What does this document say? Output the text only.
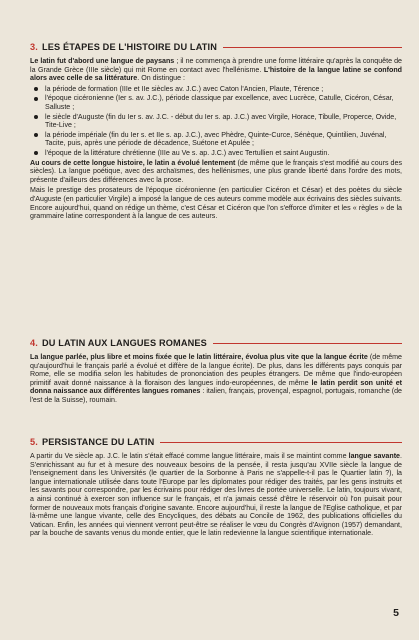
3. LES ÉTAPES DE L'HISTOIRE DU LATIN

Le latin fut d'abord une langue de paysans ; il ne commença à prendre une forme littéraire qu'après la conquête de la Grande Grèce (IIIe siècle) qui mit Rome en contact avec l'hellénisme. L'histoire de la langue latine se confond alors avec celle de sa littérature. On distingue :

la période de formation (IIIe et IIe siècles av. J.C.) avec Caton l'Ancien, Plaute, Térence ;
l'époque cicéronienne (Ier s. av. J.C.), période classique par excellence, avec Lucrèce, Catulle, Cicéron, César, Salluste ;
le siècle d'Auguste (fin du Ier s. av. J.C. - début du Ier s. ap. J.C.) avec Virgile, Horace, Tibulle, Properce, Ovide, Tite-Live ;
la période impériale (fin du Ier s. et IIe s. ap. J.C.), avec Phèdre, Quinte-Curce, Sénèque, Quintilien, Juvénal, Tacite, puis, après une période de décadence, Suétone et Apulée ;
l'époque de la littérature chrétienne (IIIe au Ve s. ap. J.C.) avec Tertullien et saint Augustin.

Au cours de cette longue histoire, le latin a évolué lentement (de même que le français s'est modifié au cours des siècles). La langue poétique, avec des archaïsmes, des hellénismes, une plus grande liberté dans l'ordre des mots, présente d'ailleurs des différences avec la prose.

Mais le prestige des prosateurs de l'époque cicéronienne (en particulier Cicéron et César) et des poètes du siècle d'Auguste (en particulier Virgile) a imposé la langue de ces auteurs comme modèle aux écrivains des siècles suivants. Encore aujourd'hui, quand on rédige un thème, c'est César et Cicéron que l'on s'efforce d'imiter et les « règles » de la grammaire latine correspondent à la langue de ces auteurs.

4. DU LATIN AUX LANGUES ROMANES

La langue parlée, plus libre et moins fixée que le latin littéraire, évolua plus vite que la langue écrite (de même qu'aujourd'hui le français parlé a évolué et diffère de la langue écrite). De plus, dans les différents pays conquis par Rome, elle se modifia selon les habitudes de prononciation des peuples étrangers. De même que l'indo-européen primitif avait donné naissance à la floraison des langues indo-européennes, de même le latin perdit son unité et donna naissance aux différentes langues romanes : italien, français, provençal, espagnol, portugais, romanche (de l'est de la Suisse), roumain.

5. PERSISTANCE DU LATIN

A partir du Ve siècle ap. J.C. le latin s'était effacé comme langue littéraire, mais il se maintint comme langue savante. S'enrichissant au fur et à mesure des nouveaux besoins de la pensée, il resta jusqu'au XVIIe siècle la langue de l'enseignement dans les Universités (le quartier de la Sorbonne à Paris ne s'appelle-t-il pas le Quartier latin ?), la langue internationale utilisée dans toute l'Europe par les diplomates pour rédiger des traités, par les gens instruits et les savants pour correspondre, par les écrivains pour rédiger des livres de portée universelle. Le latin, toujours vivant, a ainsi continué à exercer son influence sur le français, et n'a jamais cessé d'être le réservoir où l'on puisait pour former de nouveaux mots français d'origine savante. Encore aujourd'hui, il reste la langue de l'Eglise catholique, et par là-même une langue vivante, celle des Encycliques, des débats au Concile de 1962, des publications officielles du Vatican. Enfin, les années qui viennent verront peut-être se réaliser le vœu du Congrès d'Avignon (1957) demandant, par la bouche de savants venus du monde entier, que le latin redevienne la langue scientifique internationale.

5
